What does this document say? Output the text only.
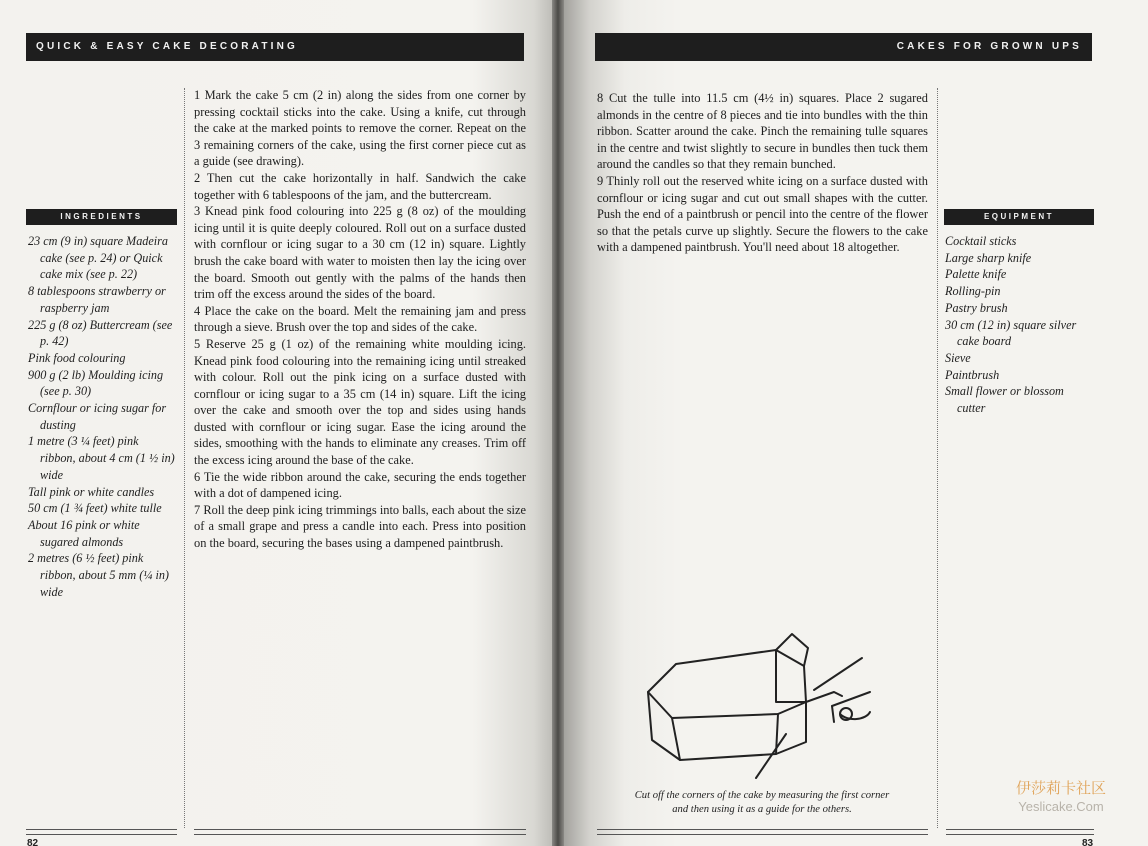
QUICK & EASY CAKE DECORATING
INGREDIENTS
23 cm (9 in) square Madeira cake (see p. 24) or Quick cake mix (see p. 22)
8 tablespoons strawberry or raspberry jam
225 g (8 oz) Buttercream (see p. 42)
Pink food colouring
900 g (2 lb) Moulding icing (see p. 30)
Cornflour or icing sugar for dusting
1 metre (3 ¼ feet) pink ribbon, about 4 cm (1 ½ in) wide
Tall pink or white candles
50 cm (1 ¾ feet) white tulle
About 16 pink or white sugared almonds
2 metres (6 ½ feet) pink ribbon, about 5 mm (¼ in) wide

1 Mark the cake 5 cm (2 in) along the sides from one corner by pressing cocktail sticks into the cake. Using a knife, cut through the cake at the marked points to remove the corner. Repeat on the 3 remaining corners of the cake, using the first corner piece cut as a guide (see drawing).

2 Then cut the cake horizontally in half. Sandwich the cake together with 6 tablespoons of the jam, and the buttercream.

3 Knead pink food colouring into 225 g (8 oz) of the moulding icing until it is quite deeply coloured. Roll out on a surface dusted with cornflour or icing sugar to a 30 cm (12 in) square. Lightly brush the cake board with water to moisten then lay the icing over the board. Smooth out gently with the palms of the hands then trim off the excess around the sides of the board.

4 Place the cake on the board. Melt the remaining jam and press through a sieve. Brush over the top and sides of the cake.

5 Reserve 25 g (1 oz) of the remaining white moulding icing. Knead pink food colouring into the remaining icing until streaked with colour. Roll out the pink icing on a surface dusted with cornflour or icing sugar to a 35 cm (14 in) square. Lift the icing over the cake and smooth over the top and sides using hands dusted with cornflour or icing sugar. Ease the icing around the sides, smoothing with the hands to eliminate any creases. Trim off the excess icing around the base of the cake.

6 Tie the wide ribbon around the cake, securing the ends together with a dot of dampened icing.

7 Roll the deep pink icing trimmings into balls, each about the size of a small grape and press a candle into each. Press into position on the board, securing the bases using a dampened paintbrush.

82
CAKES FOR GROWN UPS

8 Cut the tulle into 11.5 cm (4½ in) squares. Place 2 sugared almonds in the centre of 8 pieces and tie into bundles with the thin ribbon. Scatter around the cake. Pinch the remaining tulle squares in the centre and twist slightly to secure in bundles then tuck them around the candles so that they remain bunched.

9 Thinly roll out the reserved white icing on a surface dusted with cornflour or icing sugar and cut out small shapes with the cutter. Push the end of a paintbrush or pencil into the centre of the flower so that the petals curve up slightly. Secure the flowers to the cake with a dampened paintbrush. You'll need about 18 altogether.

Cut off the corners of the cake by measuring the first corner and then using it as a guide for the others.
EQUIPMENT
Cocktail sticks
Large sharp knife
Palette knife
Rolling-pin
Pastry brush
30 cm (12 in) square silver cake board
Sieve
Paintbrush
Small flower or blossom cutter
83
伊莎莉卡社区
Yeslicake.Com
